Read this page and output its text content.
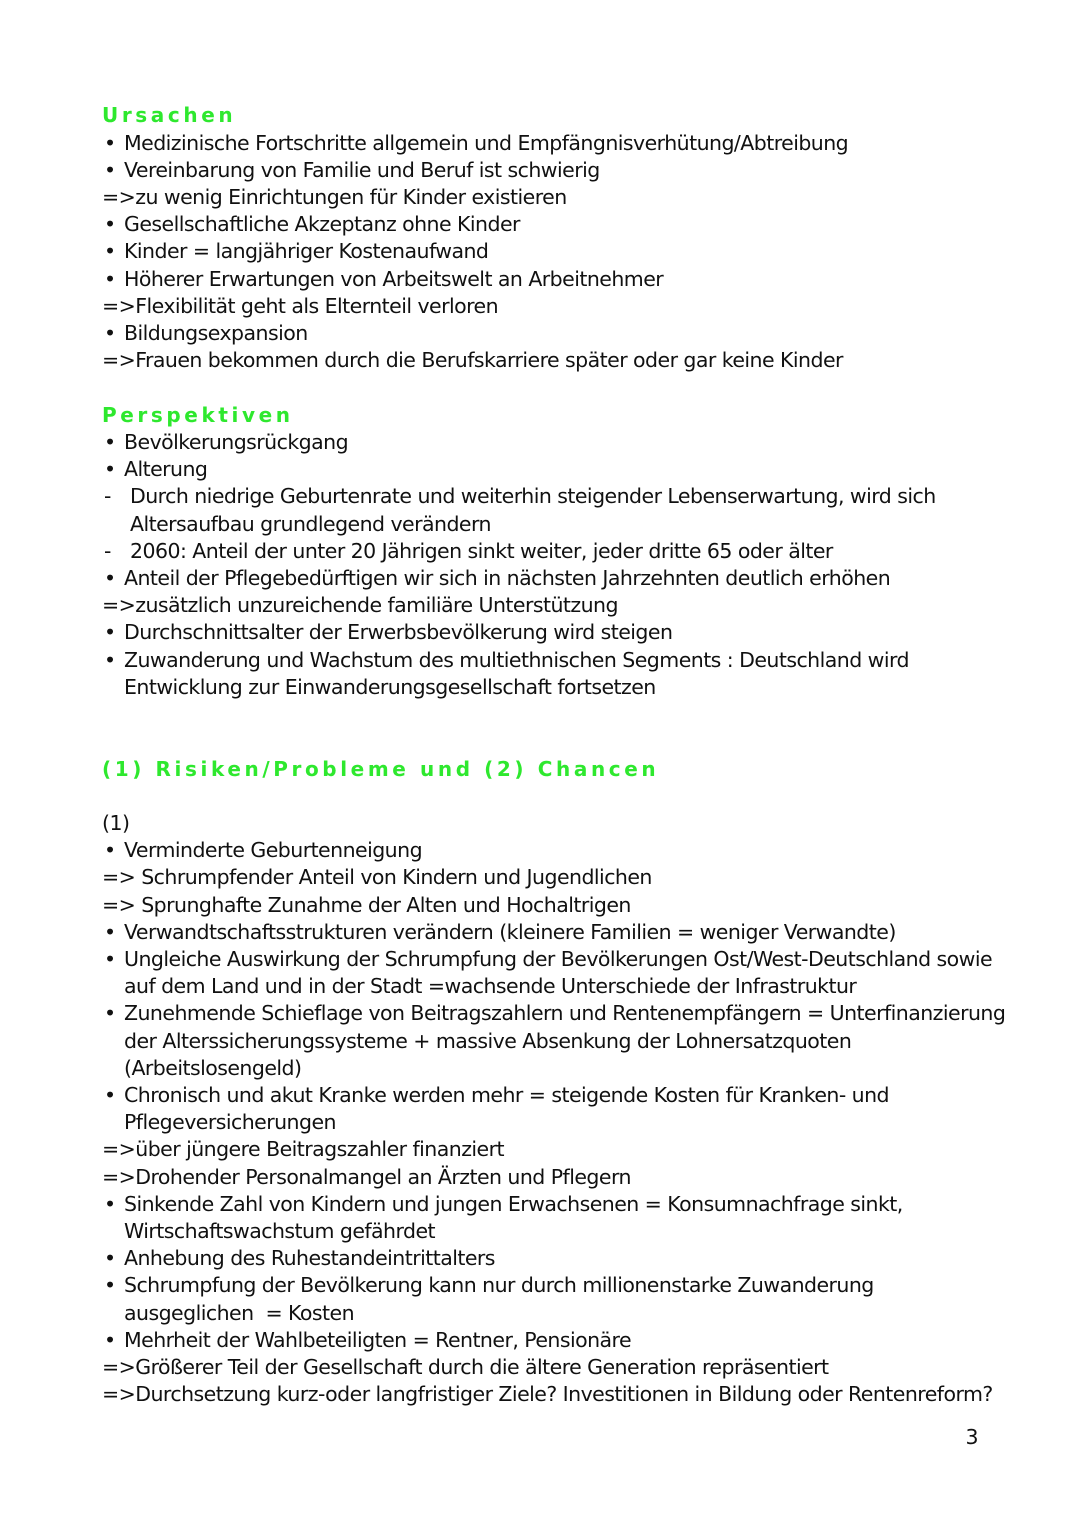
Ursachen
• Medizinische Fortschritte allgemein und Empfängnisverhütung/Abtreibung
• Vereinbarung von Familie und Beruf ist schwierig
=>zu wenig Einrichtungen für Kinder existieren
• Gesellschaftliche Akzeptanz ohne Kinder
• Kinder = langjähriger Kostenaufwand
• Höherer Erwartungen von Arbeitswelt an Arbeitnehmer
=>Flexibilität geht als Elternteil verloren
• Bildungsexpansion
=>Frauen bekommen durch die Berufskarriere später oder gar keine Kinder
Perspektiven
• Bevölkerungsrückgang
• Alterung
- Durch niedrige Geburtenrate und weiterhin steigender Lebenserwartung, wird sich
Altersaufbau grundlegend verändern
- 2060: Anteil der unter 20 Jährigen sinkt weiter, jeder dritte 65 oder älter
• Anteil der Pflegebedürftigen wir sich in nächsten Jahrzehnten deutlich erhöhen
=>zusätzlich unzureichende familiäre Unterstützung
• Durchschnittsalter der Erwerbsbevölkerung wird steigen
• Zuwanderung und Wachstum des multiethnischen Segments : Deutschland wird
Entwicklung zur Einwanderungsgesellschaft fortsetzen
(1) Risiken/Probleme und (2) Chancen
(1)
• Verminderte Geburtenneigung
=> Schrumpfender Anteil von Kindern und Jugendlichen
=> Sprunghafte Zunahme der Alten und Hochaltrigen
• Verwandtschaftsstrukturen verändern (kleinere Familien = weniger Verwandte)
• Ungleiche Auswirkung der Schrumpfung der Bevölkerungen Ost/West-Deutschland sowie
auf dem Land und in der Stadt =wachsende Unterschiede der Infrastruktur
• Zunehmende Schieflage von Beitragszahlern und Rentenempfängern = Unterfinanzierung
der Alterssicherungssysteme + massive Absenkung der Lohnersatzquoten
(Arbeitslosengeld)
• Chronisch und akut Kranke werden mehr = steigende Kosten für Kranken- und
Pflegeversicherungen
=>über jüngere Beitragszahler finanziert
=>Drohender Personalmangel an Ärzten und Pflegern
• Sinkende Zahl von Kindern und jungen Erwachsenen = Konsumnachfrage sinkt,
Wirtschaftswachstum gefährdet
• Anhebung des Ruhestandeintrittalters
• Schrumpfung der Bevölkerung kann nur durch millionenstarke Zuwanderung
ausgeglichen  = Kosten
• Mehrheit der Wahlbeteiligten = Rentner, Pensionäre
=>Größerer Teil der Gesellschaft durch die ältere Generation repräsentiert
=>Durchsetzung kurz-oder langfristiger Ziele? Investitionen in Bildung oder Rentenreform?
3
